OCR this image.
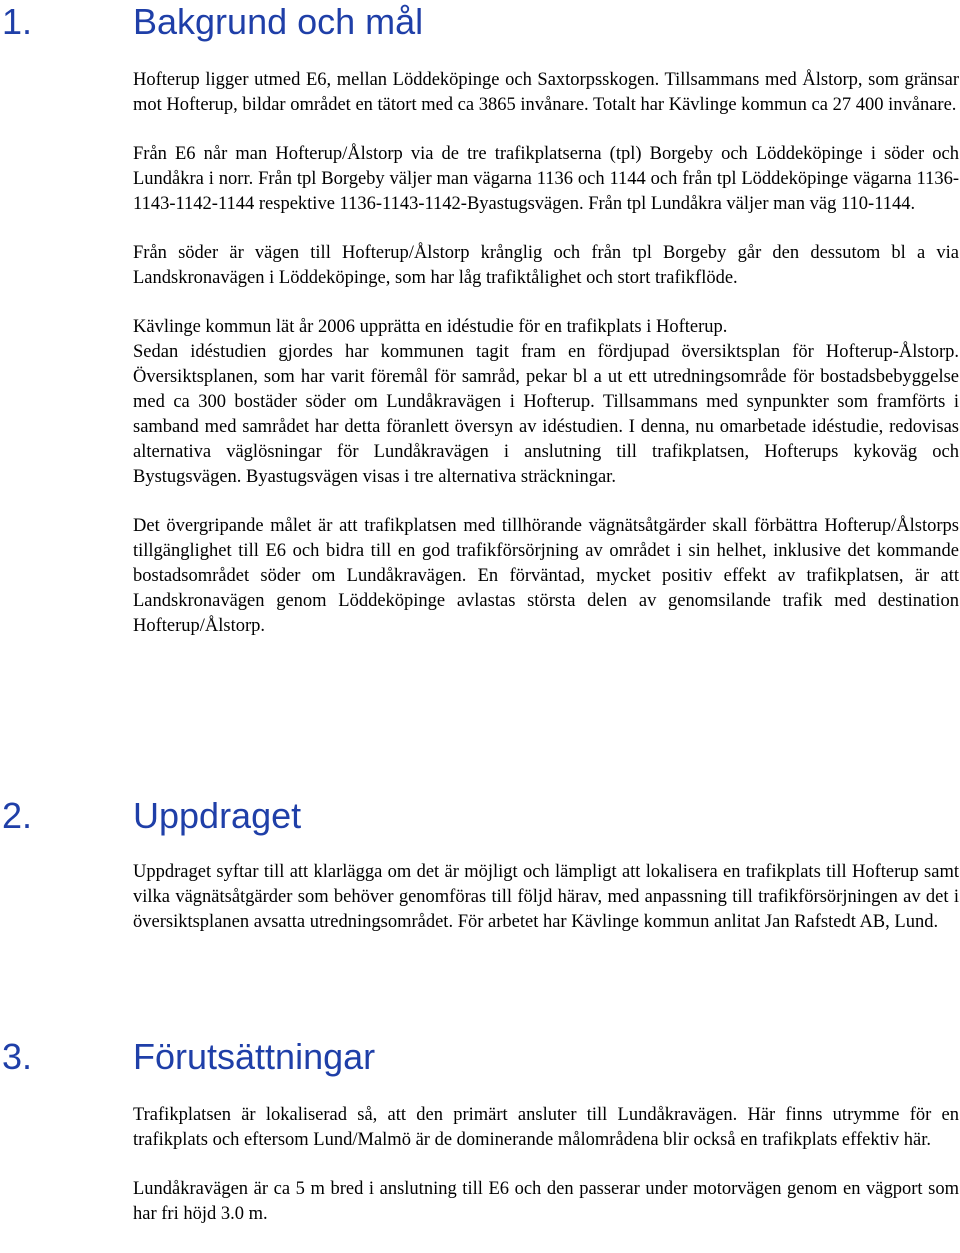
1.	Bakgrund och mål

Hofterup ligger utmed E6, mellan Löddeköpinge och Saxtorpsskogen. Tillsammans med Ålstorp, som gränsar mot Hofterup, bildar området en tätort med ca 3865 invånare. Totalt har Kävlinge kommun ca 27 400 invånare.

Från E6 når man Hofterup/Ålstorp via de tre trafikplatserna (tpl) Borgeby och Löddeköpinge i söder och Lundåkra i norr. Från tpl Borgeby väljer man vägarna 1136 och 1144 och från tpl Löddeköpinge vägarna 1136-1143-1142-1144 respektive 1136-1143-1142-Byastugsvägen. Från tpl Lundåkra väljer man väg 110-1144.

Från söder är vägen till Hofterup/Ålstorp krånglig och från tpl Borgeby går den dessutom bl a via Landskronavägen i Löddeköpinge, som har låg trafiktålighet och stort trafikflöde.

Kävlinge kommun lät år 2006 upprätta en idéstudie för en trafikplats i Hofterup.

Sedan idéstudien gjordes har kommunen tagit fram en fördjupad översiktsplan för Hofterup-Ålstorp. Översiktsplanen, som har varit föremål för samråd, pekar bl a ut ett utredningsområde för bostadsbebyggelse med ca 300 bostäder söder om Lundåkravägen i Hofterup. Tillsammans med synpunkter som framförts i samband med samrådet har detta föranlett översyn av idéstudien. I denna, nu omarbetade idéstudie, redovisas alternativa väglösningar för Lundåkravägen i anslutning till trafikplatsen, Hofterups kykoväg och Bystugsvägen. Byastugsvägen visas i tre alternativa sträckningar.

Det övergripande målet är att trafikplatsen med tillhörande vägnätsåtgärder skall förbättra Hofterup/Ålstorps tillgänglighet till E6 och bidra till en god trafikförsörjning av området i sin helhet, inklusive det kommande bostadsområdet söder om Lundåkravägen. En förväntad, mycket positiv effekt av trafikplatsen, är att Landskronavägen genom Löddeköpinge avlastas största delen av genomsilande trafik med destination Hofterup/Ålstorp.

2.	Uppdraget

Uppdraget syftar till att klarlägga om det är möjligt och lämpligt att lokalisera en trafikplats till Hofterup samt vilka vägnätsåtgärder som behöver genomföras till följd härav, med anpassning till trafikförsörjningen av det i översiktsplanen avsatta utredningsområdet. För arbetet har Kävlinge kommun anlitat Jan Rafstedt AB, Lund.

3.	Förutsättningar

Trafikplatsen är lokaliserad så, att den primärt ansluter till Lundåkravägen. Här finns utrymme för en trafikplats och eftersom Lund/Malmö är de dominerande målområdena blir också en trafikplats effektiv här.

Lundåkravägen är ca 5 m bred i anslutning till E6 och den passerar under motorvägen genom en vägport som har fri höjd 3.0 m.
